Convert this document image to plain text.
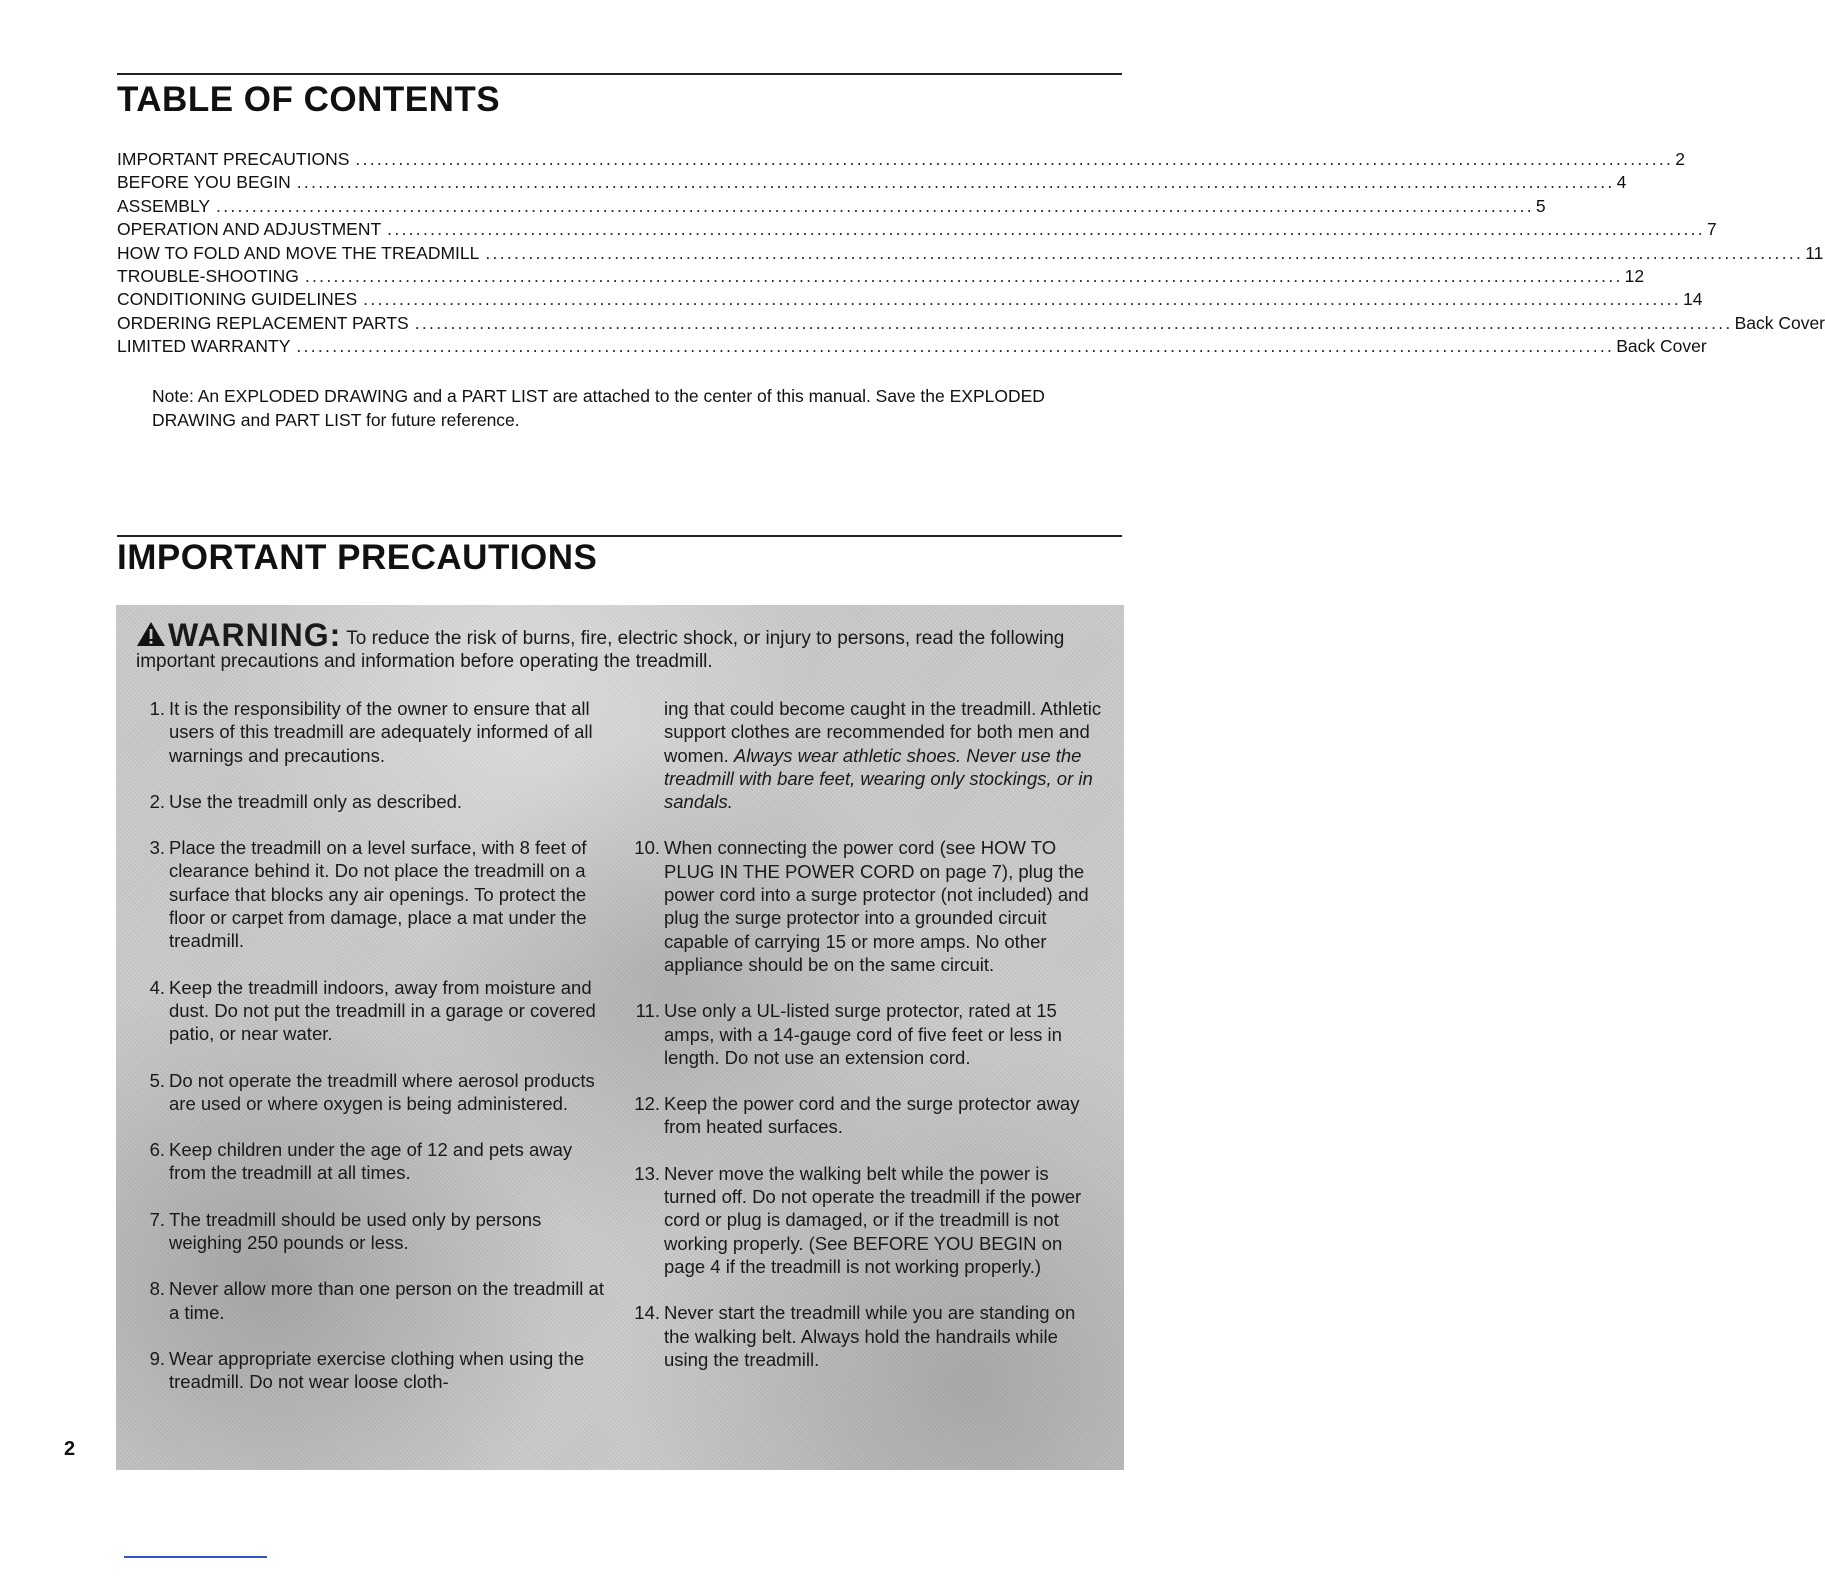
TABLE OF CONTENTS
IMPORTANT PRECAUTIONS ........................................................................................................................................................................................ 2
BEFORE YOU BEGIN ........................................................................................................................................................................................ 4
ASSEMBLY ........................................................................................................................................................................................ 5
OPERATION AND ADJUSTMENT ........................................................................................................................................................................................ 7
HOW TO FOLD AND MOVE THE TREADMILL ........................................................................................................................................................................................ 11
TROUBLE-SHOOTING ........................................................................................................................................................................................ 12
CONDITIONING GUIDELINES ........................................................................................................................................................................................ 14
ORDERING REPLACEMENT PARTS ........................................................................................................................................................................................ Back Cover
LIMITED WARRANTY ........................................................................................................................................................................................ Back Cover

Note: An EXPLODED DRAWING and a PART LIST are attached to the center of this manual. Save the EXPLODED DRAWING and PART LIST for future reference.

IMPORTANT PRECAUTIONS
WARNING: To reduce the risk of burns, fire, electric shock, or injury to persons, read the following important precautions and information before operating the treadmill.
1. It is the responsibility of the owner to ensure that all users of this treadmill are adequately informed of all warnings and precautions.
2. Use the treadmill only as described.
3. Place the treadmill on a level surface, with 8 feet of clearance behind it. Do not place the treadmill on a surface that blocks any air openings. To protect the floor or carpet from damage, place a mat under the treadmill.
4. Keep the treadmill indoors, away from moisture and dust. Do not put the treadmill in a garage or covered patio, or near water.
5. Do not operate the treadmill where aerosol products are used or where oxygen is being administered.
6. Keep children under the age of 12 and pets away from the treadmill at all times.
7. The treadmill should be used only by persons weighing 250 pounds or less.
8. Never allow more than one person on the treadmill at a time.
9. Wear appropriate exercise clothing when using the treadmill. Do not wear loose cloth-
ing that could become caught in the treadmill. Athletic support clothes are recommended for both men and women. Always wear athletic shoes. Never use the treadmill with bare feet, wearing only stockings, or in sandals.
10. When connecting the power cord (see HOW TO PLUG IN THE POWER CORD on page 7), plug the power cord into a surge protector (not included) and plug the surge protector into a grounded circuit capable of carrying 15 or more amps. No other appliance should be on the same circuit.
11. Use only a UL-listed surge protector, rated at 15 amps, with a 14-gauge cord of five feet or less in length. Do not use an extension cord.
12. Keep the power cord and the surge protector away from heated surfaces.
13. Never move the walking belt while the power is turned off. Do not operate the treadmill if the power cord or plug is damaged, or if the treadmill is not working properly. (See BEFORE YOU BEGIN on page 4 if the treadmill is not working properly.)
14. Never start the treadmill while you are standing on the walking belt. Always hold the handrails while using the treadmill.
2
